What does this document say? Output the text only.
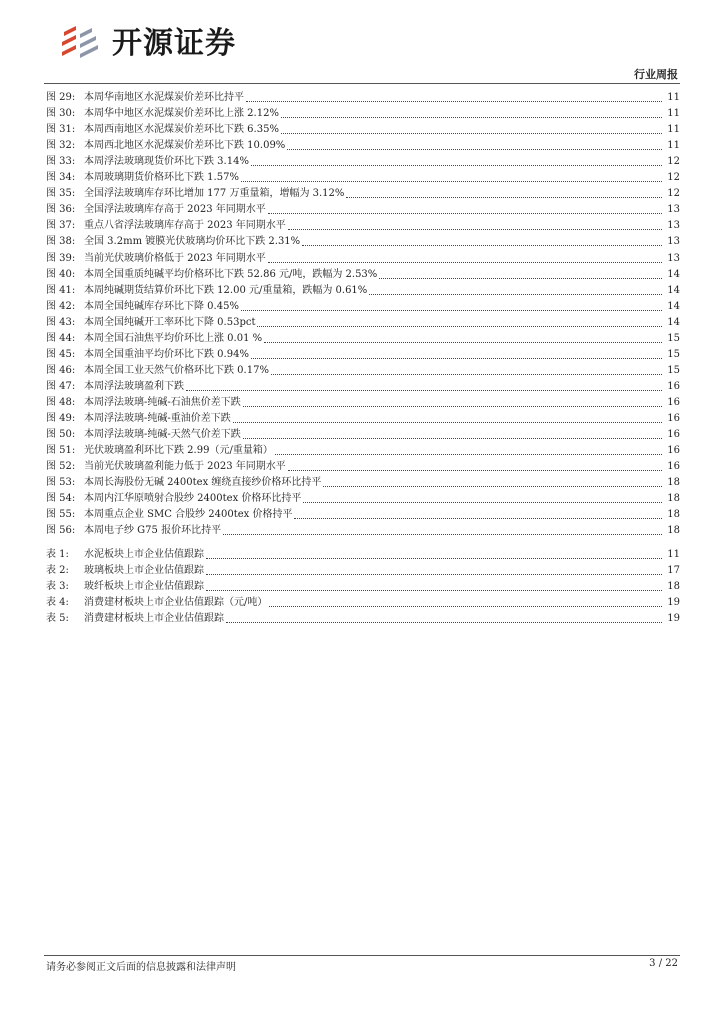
开源证券
行业周报
图 29: 本周华南地区水泥煤炭价差环比持平	11
图 30: 本周华中地区水泥煤炭价差环比上涨 2.12%	11
图 31: 本周西南地区水泥煤炭价差环比下跌 6.35%	11
图 32: 本周西北地区水泥煤炭价差环比下跌 10.09%	11
图 33: 本周浮法玻璃现货价环比下跌 3.14%	12
图 34: 本周玻璃期货价格环比下跌 1.57%	12
图 35: 全国浮法玻璃库存环比增加 177 万重量箱，增幅为 3.12%	12
图 36: 全国浮法玻璃库存高于 2023 年同期水平	13
图 37: 重点八省浮法玻璃库存高于 2023 年同期水平	13
图 38: 全国 3.2mm 镀膜光伏玻璃均价环比下跌 2.31%	13
图 39: 当前光伏玻璃价格低于 2023 年同期水平	13
图 40: 本周全国重质纯碱平均价格环比下跌 52.86 元/吨，跌幅为 2.53%	14
图 41: 本周纯碱期货结算价环比下跌 12.00 元/重量箱，跌幅为 0.61%	14
图 42: 本周全国纯碱库存环比下降 0.45%	14
图 43: 本周全国纯碱开工率环比下降 0.53pct	14
图 44: 本周全国石油焦平均价环比上涨 0.01 %	15
图 45: 本周全国重油平均价环比下跌 0.94%	15
图 46: 本周全国工业天然气价格环比下跌 0.17%	15
图 47: 本周浮法玻璃盈利下跌	16
图 48: 本周浮法玻璃-纯碱-石油焦价差下跌	16
图 49: 本周浮法玻璃-纯碱-重油价差下跌	16
图 50: 本周浮法玻璃-纯碱-天然气价差下跌	16
图 51: 光伏玻璃盈利环比下跌 2.99（元/重量箱）	16
图 52: 当前光伏玻璃盈利能力低于 2023 年同期水平	16
图 53: 本周长海股份无碱 2400tex 缠绕直接纱价格环比持平	18
图 54: 本周内江华原喷射合股纱 2400tex 价格环比持平	18
图 55: 本周重点企业 SMC 合股纱 2400tex 价格持平	18
图 56: 本周电子纱 G75 报价环比持平	18
表 1:	水泥板块上市企业估值跟踪	11
表 2:	玻璃板块上市企业估值跟踪	17
表 3:	玻纤板块上市企业估值跟踪	18
表 4:	消费建材板块上市企业估值跟踪（元/吨）	19
表 5:	消费建材板块上市企业估值跟踪	19
请务必参阅正文后面的信息披露和法律声明	3 / 22
